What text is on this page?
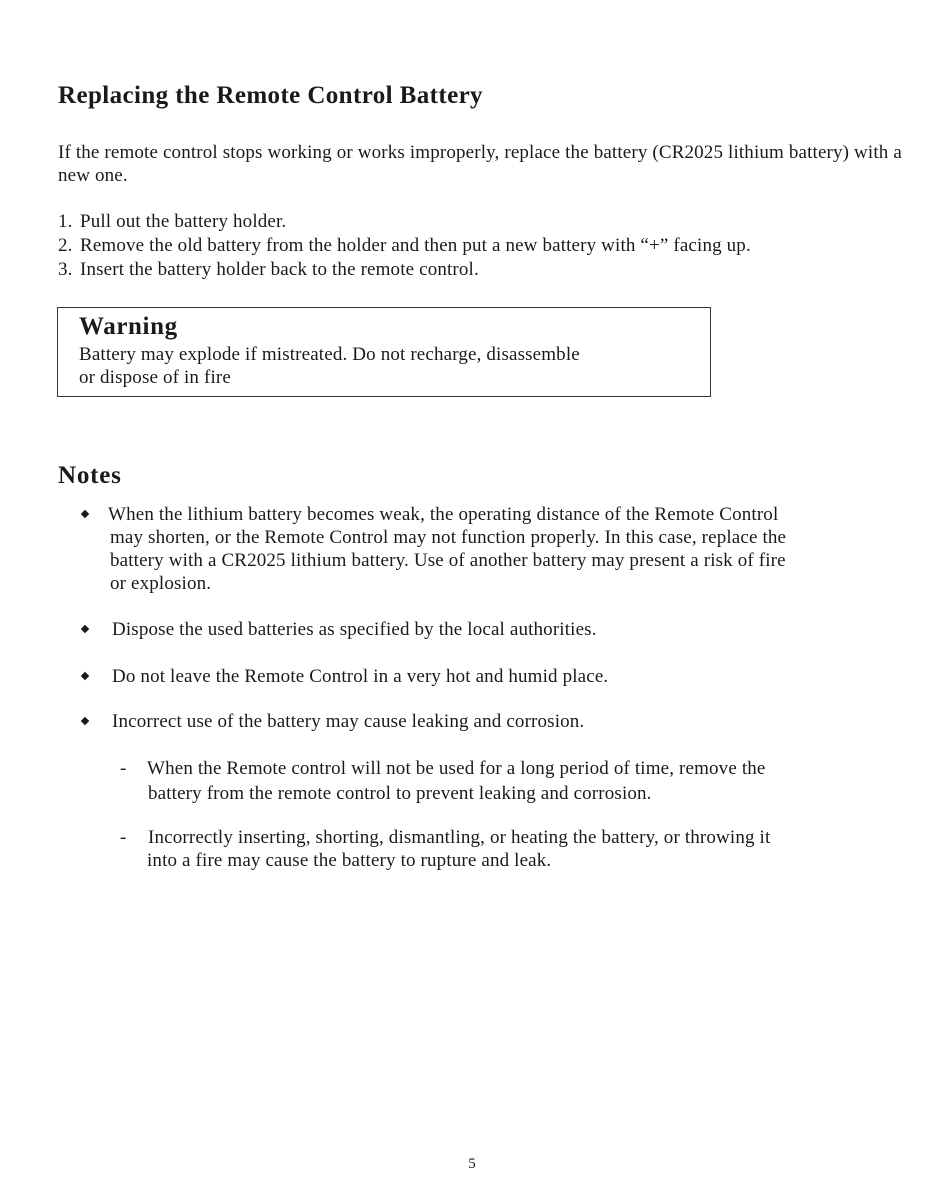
Replacing the Remote Control Battery
If the remote control stops working or works improperly, replace the battery (CR2025 lithium battery) with a new one.
1. Pull out the battery holder.
2. Remove the old battery from the holder and then put a new battery with “+” facing up.
3. Insert the battery holder back to the remote control.
Warning
Battery may explode if mistreated. Do not recharge, disassemble
or dispose of in fire
Notes
When the lithium battery becomes weak, the operating distance of the Remote Control
may shorten, or the Remote Control may not function properly. In this case, replace the
battery with a CR2025 lithium battery. Use of another battery may present a risk of fire
or explosion.
Dispose the used batteries as specified by the local authorities.
Do not leave the Remote Control in a very hot and humid place.
Incorrect use of the battery may cause leaking and corrosion.
- When the Remote control will not be used for a long period of time, remove the
battery from the remote control to prevent leaking and corrosion.
- Incorrectly inserting, shorting, dismantling, or heating the battery, or throwing it
into a fire may cause the battery to rupture and leak.
5
